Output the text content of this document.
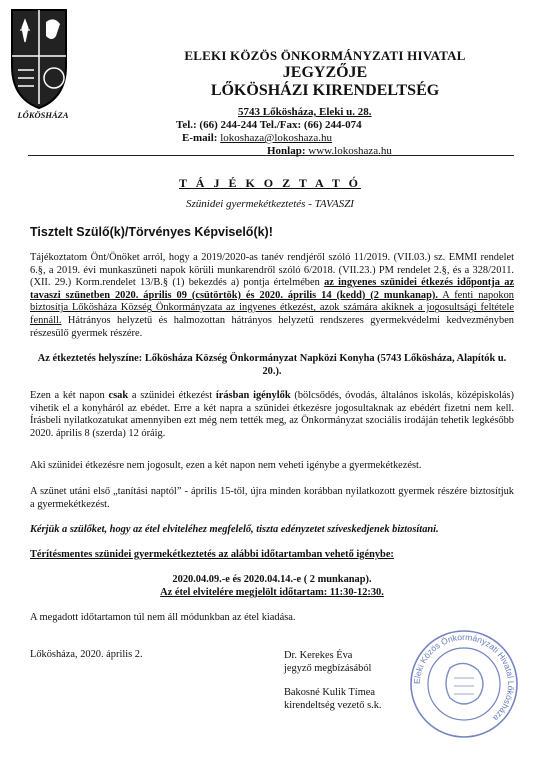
LŐKÖSHÁZA
ELEKI KÖZÖS ÖNKORMÁNYZATI HIVATAL
JEGYZŐJE
LŐKÖSHÁZI KIRENDELTSÉG
5743 Lőkösháza, Eleki u. 28.
Tel.: (66) 244-244 Tel./Fax: (66) 244-074
E-mail: lokoshaza@lokoshaza.hu
Honlap: www.lokoshaza.hu
T Á J É K O Z T A T Ó
Szünidei gyermekétkeztetés - TAVASZI
Tisztelt Szülő(k)/Törvényes Képviselő(k)!
Tájékoztatom Önt/Önöket arról, hogy a 2019/2020-as tanév rendjéről szóló 11/2019. (VII.03.) sz. EMMI rendelet 6.§, a 2019. évi munkaszüneti napok körüli munkarendről szóló 6/2018. (VII.23.) PM rendelet 2.§, és a 328/2011. (XII. 29.) Korm.rendelet 13/B.§ (1) bekezdés a) pontja értelmében az ingyenes szünidei étkezés időpontja az tavaszi szünetben 2020. április 09 (csütörtök) és 2020. április 14 (kedd) (2 munkanap). A fenti napokon biztosítja Lőkösháza Község Önkormányzata az ingyenes étkezést, azok számára akiknek a jogosultsági feltétele fennáll. Hátrányos helyzetű és halmozottan hátrányos helyzetű rendszeres gyermekvédelmi kedvezményben részesülő gyermek részére.
Az étkeztetés helyszíne: Lőkösháza Község Önkormányzat Napközi Konyha (5743 Lőkösháza, Alapítók u. 20.).
Ezen a két napon csak a szünidei étkezést írásban igénylők (bölcsődés, óvodás, általános iskolás, középiskolás) vihetik el a konyháról az ebédet. Erre a két napra a szünidei étkezésre jogosultaknak az ebédért fizetni nem kell. Írásbeli nyilatkozatukat amennyiben ezt még nem tették meg, az Önkormányzat szociális irodáján tehetik legkésőbb 2020. április 8 (szerda) 12 óráig.
Aki szünidei étkezésre nem jogosult, ezen a két napon nem veheti igénybe a gyermekétkezést.
A szünet utáni első „tanítási naptól” - április 15-től, újra minden korábban nyilatkozott gyermek részére biztosítjuk a gyermekétkezést.
Kérjük a szülőket, hogy az étel elviteléhez megfelelő, tiszta edényzetet szíveskedjenek biztosítani.
Térítésmentes szünidei gyermekétkeztetés az alábbi időtartamban vehető igénybe:
2020.04.09.-e és 2020.04.14.-e ( 2 munkanap).
Az étel elvitelére megjelölt időtartam: 11:30-12:30.
A megadott időtartamon túl nem áll módunkban az étel kiadása.
Lőkösháza, 2020. április 2.	Dr. Kerekes Éva
jegyző megbízásából
Bakosné Kulik Tímea
kirendeltség vezető s.k.
Eleki Közös Önkormányzati Hivatal Lőkösháza
